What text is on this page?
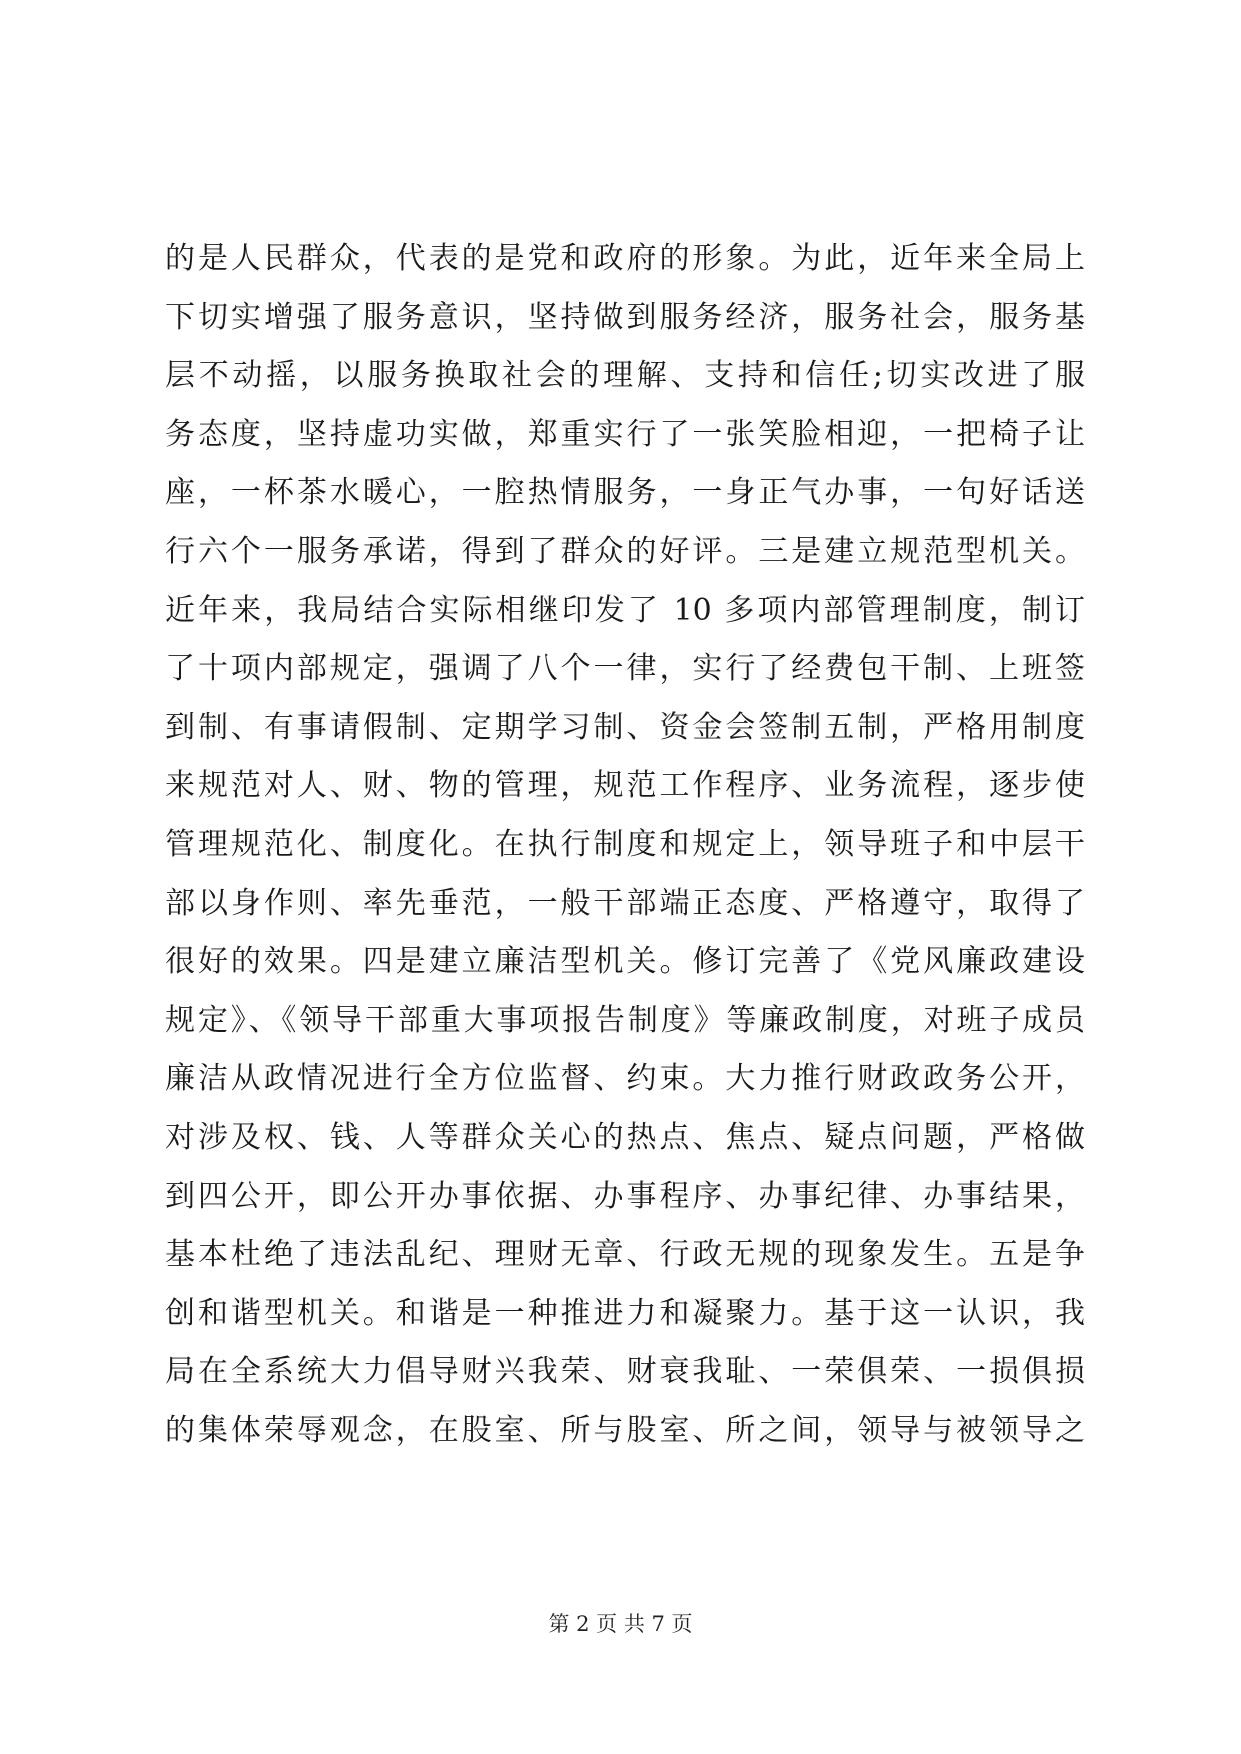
的是人民群众，代表的是党和政府的形象。为此，近年来全局上
下切实增强了服务意识，坚持做到服务经济，服务社会，服务基
层不动摇，以服务换取社会的理解、支持和信任;切实改进了服
务态度，坚持虚功实做，郑重实行了一张笑脸相迎，一把椅子让
座，一杯茶水暖心，一腔热情服务，一身正气办事，一句好话送
行六个一服务承诺，得到了群众的好评。三是建立规范型机关。
近年来，我局结合实际相继印发了 10 多项内部管理制度，制订
了十项内部规定，强调了八个一律，实行了经费包干制、上班签
到制、有事请假制、定期学习制、资金会签制五制，严格用制度
来规范对人、财、物的管理，规范工作程序、业务流程，逐步使
管理规范化、制度化。在执行制度和规定上，领导班子和中层干
部以身作则、率先垂范，一般干部端正态度、严格遵守，取得了
很好的效果。四是建立廉洁型机关。修订完善了《党风廉政建设
规定》、《领导干部重大事项报告制度》等廉政制度，对班子成员
廉洁从政情况进行全方位监督、约束。大力推行财政政务公开，
对涉及权、钱、人等群众关心的热点、焦点、疑点问题，严格做
到四公开，即公开办事依据、办事程序、办事纪律、办事结果，
基本杜绝了违法乱纪、理财无章、行政无规的现象发生。五是争
创和谐型机关。和谐是一种推进力和凝聚力。基于这一认识，我
局在全系统大力倡导财兴我荣、财衰我耻、一荣俱荣、一损俱损
的集体荣辱观念，在股室、所与股室、所之间，领导与被领导之
第 2 页 共 7 页
